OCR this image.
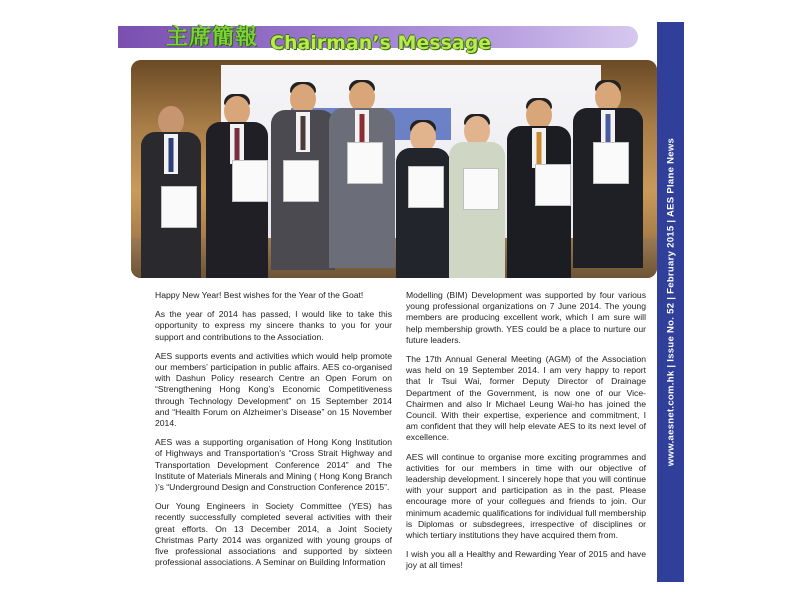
主席簡報 Chairman’s Message
www.aesnet.com.hk | Issue No. 52 | February 2015 | AES Plane News

Happy New Year! Best wishes for the Year of the Goat!

As the year of 2014 has passed, I would like to take this opportunity to express my sincere thanks to you for your support and contributions to the Association.

AES supports events and activities which would help promote our members’ participation in public affairs. AES co-organised with Dashun Policy research Centre an Open Forum on “Strengthening Hong Kong’s Economic Competitiveness through Technology Development” on 15 September 2014 and “Health Forum on Alzheimer’s Disease” on 15 November 2014.

AES was a supporting organisation of Hong Kong Institution of Highways and Transportation’s “Cross Strait Highway and Transportation Development Conference 2014” and The Institute of Materials Minerals and Mining ( Hong Kong Branch )’s “Underground Design and Construction Conference 2015”.

Our Young Engineers in Society Committee (YES) has recently successfully completed several activities with their great efforts. On 13 December 2014, a Joint Society Christmas Party 2014 was organized with young groups of five professional associations and supported by sixteen professional associations. A Seminar on Building Information

Modelling (BIM) Development was supported by four various young professional organizations on 7 June 2014. The young members are producing excellent work, which I am sure will help membership growth. YES could be a place to nurture our future leaders.

The 17th Annual General Meeting (AGM) of the Association was held on 19 September 2014. I am very happy to report that Ir Tsui Wai, former Deputy Director of Drainage Department of the Government, is now one of our Vice-Chairmen and also Ir Michael Leung Wai-ho has joined the Council. With their expertise, experience and commitment, I am confident that they will help elevate AES to its next level of excellence.

AES will continue to organise more exciting programmes and activities for our members in time with our objective of leadership development. I sincerely hope that you will continue with your support and participation as in the past. Please encourage more of your collegues and friends to join. Our minimum academic qualifications for individual full membership is Diplomas or subsdegrees, irrespective of disciplines or which tertiary institutions they have acquired them from.

I wish you all a Healthy and Rewarding Year of 2015 and have joy at all times!
